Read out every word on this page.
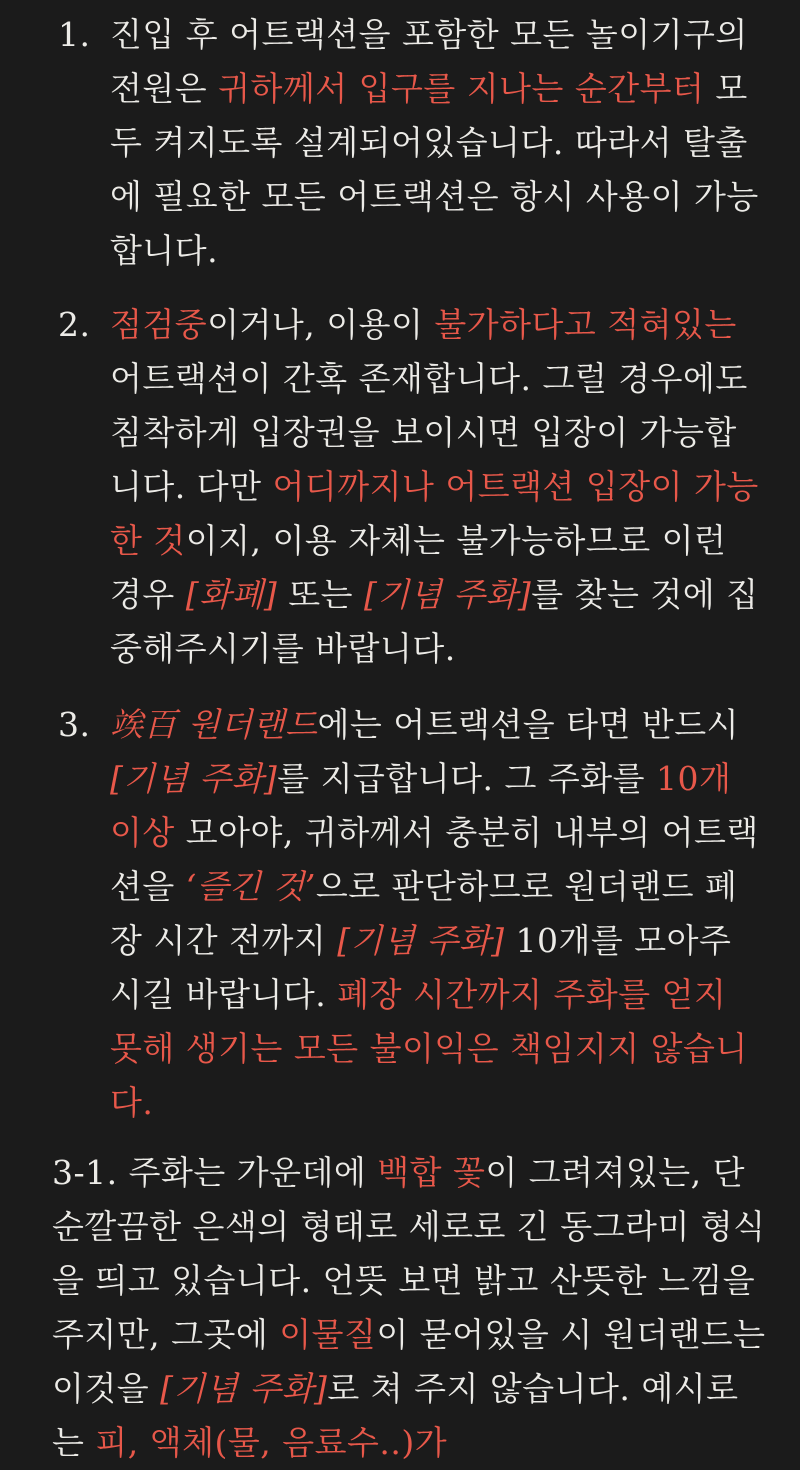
1. 진입 후 어트랙션을 포함한 모든 놀이기구의 전원은 귀하께서 입구를 지나는 순간부터 모두 켜지도록 설계되어있습니다. 따라서 탈출에 필요한 모든 어트랙션은 항시 사용이 가능합니다.
2. 점검중이거나, 이용이 불가하다고 적혀있는 어트랙션이 간혹 존재합니다. 그럴 경우에도 침착하게 입장권을 보이시면 입장이 가능합니다. 다만 어디까지나 어트랙션 입장이 가능한 것이지, 이용 자체는 불가능하므로 이런 경우 [화폐] 또는 [기념 주화]를 찾는 것에 집중해주시기를 바랍니다.
3. 竢百 원더랜드에는 어트랙션을 타면 반드시 [기념 주화]를 지급합니다. 그 주화를 10개 이상 모아야, 귀하께서 충분히 내부의 어트랙션을 ‘즐긴 것’으로 판단하므로 원더랜드 폐장 시간 전까지 [기념 주화] 10개를 모아주시길 바랍니다. 폐장 시간까지 주화를 얻지 못해 생기는 모든 불이익은 책임지지 않습니다.

3-1. 주화는 가운데에 백합 꽃이 그려져있는, 단순깔끔한 은색의 형태로 세로로 긴 동그라미 형식을 띄고 있습니다. 언뜻 보면 밝고 산뜻한 느낌을 주지만, 그곳에 이물질이 묻어있을 시 원더랜드는 이것을 [기념 주화]로 쳐 주지 않습니다. 예시로는 피, 액체(물, 음료수..)가
